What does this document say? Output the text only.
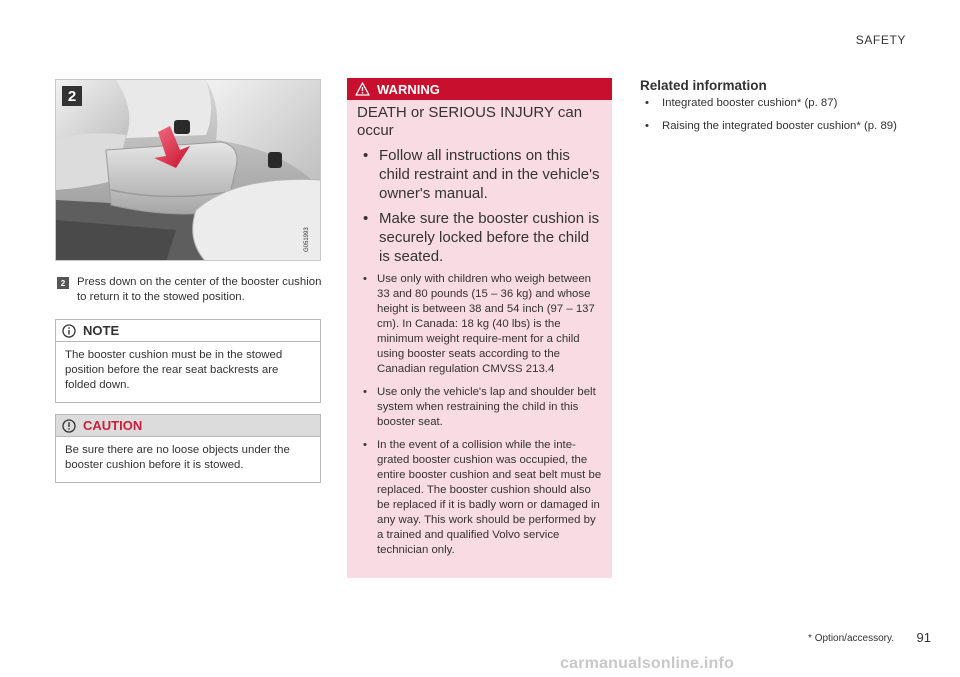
SAFETY
2
G051993
2	Press down on the center of the booster cushion to return it to the stowed position.
NOTE
The booster cushion must be in the stowed position before the rear seat backrests are folded down.
CAUTION
Be sure there are no loose objects under the booster cushion before it is stowed.
WARNING

DEATH or SERIOUS INJURY can occur

• Follow all instructions on this child restraint and in the vehicle's owner's manual.
• Make sure the booster cushion is securely locked before the child is seated.
• Use only with children who weigh between 33 and 80 pounds (15 – 36 kg) and whose height is between 38 and 54 inch (97 – 137 cm). In Canada: 18 kg (40 lbs) is the minimum weight require-ment for a child using booster seats according to the Canadian regulation CMVSS 213.4
• Use only the vehicle's lap and shoulder belt system when restraining the child in this booster seat.
• In the event of a collision while the inte-grated booster cushion was occupied, the entire booster cushion and seat belt must be replaced. The booster cushion should also be replaced if it is badly worn or damaged in any way. This work should be performed by a trained and qualified Volvo service technician only.
Related information
• Integrated booster cushion* (p. 87)
• Raising the integrated booster cushion* (p. 89)
* Option/accessory. 91
carmanualsonline.info
